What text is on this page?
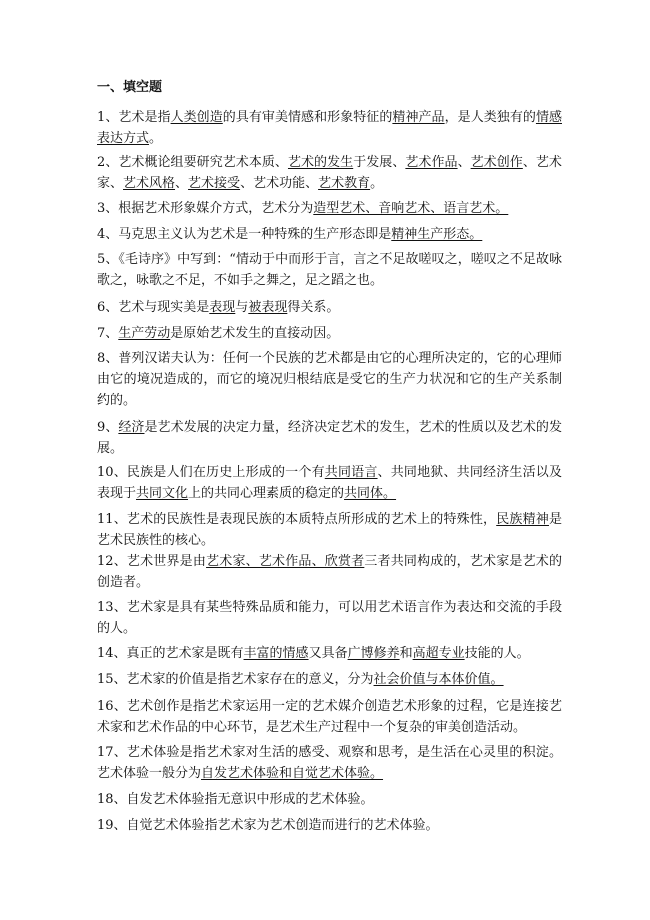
一、填空题
1、艺术是指人类创造的具有审美情感和形象特征的精神产品，是人类独有的情感表达方式。
2、艺术概论组要研究艺术本质、艺术的发生于发展、艺术作品、艺术创作、艺术家、艺术风格、艺术接受、艺术功能、艺术教育。
3、根据艺术形象媒介方式，艺术分为造型艺术、音响艺术、语言艺术。
4、马克思主义认为艺术是一种特殊的生产形态即是精神生产形态。
5、《毛诗序》中写到：“情动于中而形于言，言之不足故嗟叹之，嗟叹之不足故咏歌之，咏歌之不足，不如手之舞之，足之蹈之也。
6、艺术与现实美是表现与被表现得关系。
7、生产劳动是原始艺术发生的直接动因。
8、普列汉诺夫认为：任何一个民族的艺术都是由它的心理所决定的，它的心理师由它的境况造成的，而它的境况归根结底是受它的生产力状况和它的生产关系制约的。
9、经济是艺术发展的决定力量，经济决定艺术的发生，艺术的性质以及艺术的发展。
10、民族是人们在历史上形成的一个有共同语言、共同地狱、共同经济生活以及表现于共同文化上的共同心理素质的稳定的共同体。
11、艺术的民族性是表现民族的本质特点所形成的艺术上的特殊性，民族精神是艺术民族性的核心。
12、艺术世界是由艺术家、艺术作品、欣赏者三者共同构成的，艺术家是艺术的创造者。
13、艺术家是具有某些特殊品质和能力，可以用艺术语言作为表达和交流的手段的人。
14、真正的艺术家是既有丰富的情感又具备广博修养和高超专业技能的人。
15、艺术家的价值是指艺术家存在的意义，分为社会价值与本体价值。
16、艺术创作是指艺术家运用一定的艺术媒介创造艺术形象的过程，它是连接艺术家和艺术作品的中心环节，是艺术生产过程中一个复杂的审美创造活动。
17、艺术体验是指艺术家对生活的感受、观察和思考，是生活在心灵里的积淀。艺术体验一般分为自发艺术体验和自觉艺术体验。
18、自发艺术体验指无意识中形成的艺术体验。
19、自觉艺术体验指艺术家为艺术创造而进行的艺术体验。
